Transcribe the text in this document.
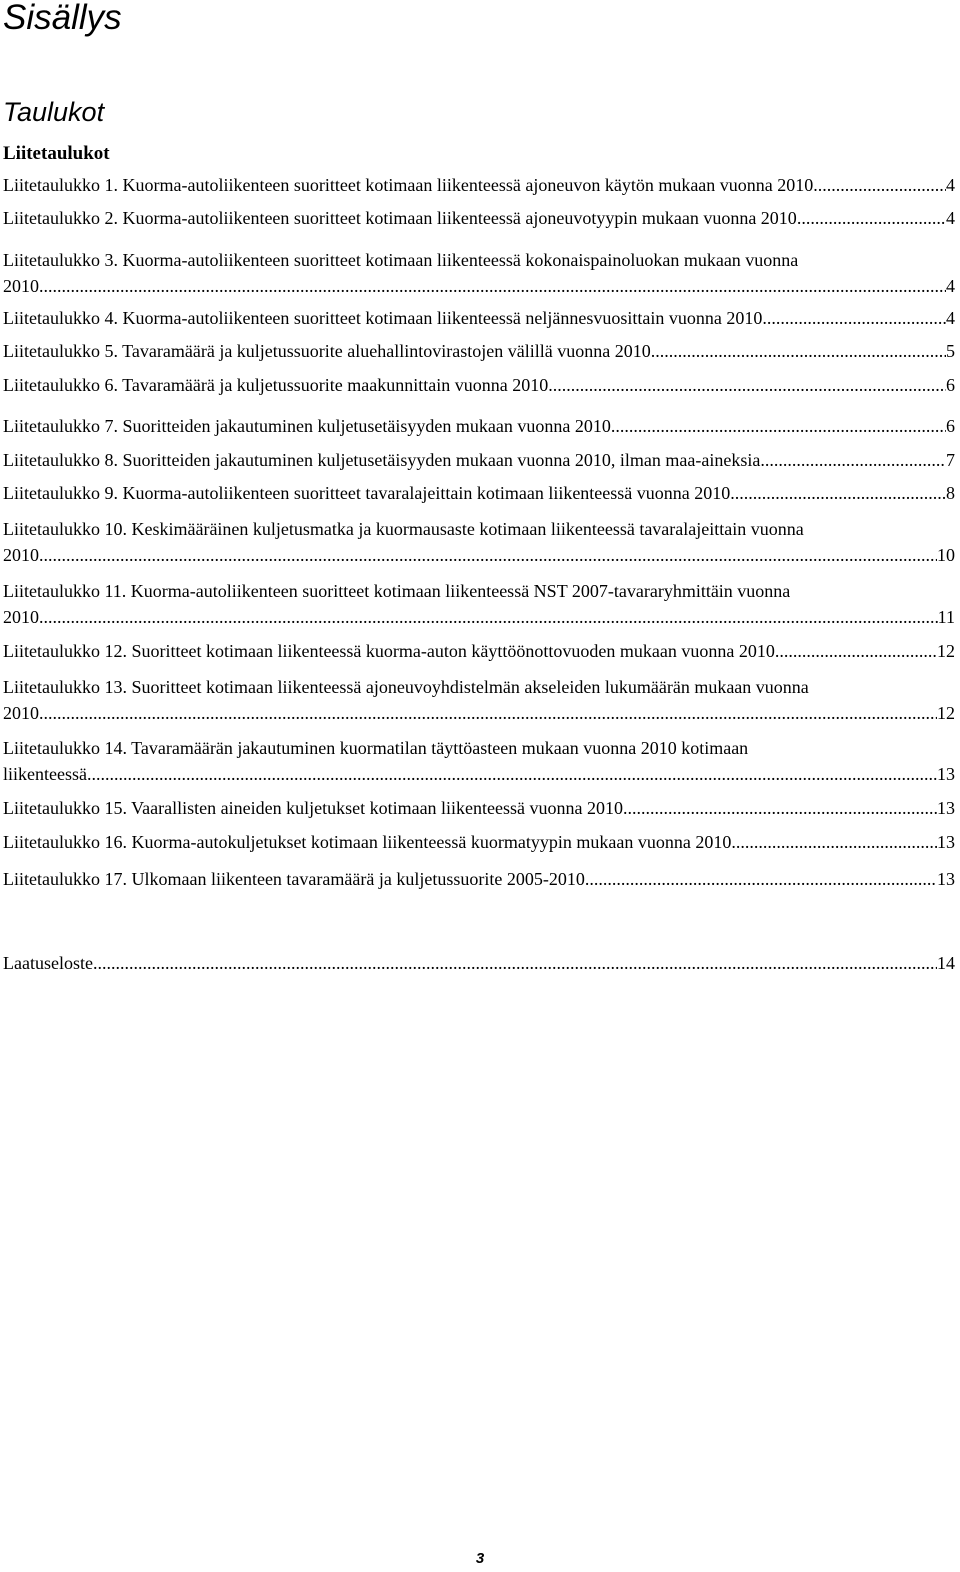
Sisällys
Taulukot
Liitetaulukot
Liitetaulukko 1. Kuorma-autoliikenteen suoritteet kotimaan liikenteessä ajoneuvon käytön mukaan vuonna 2010 .....	4
Liitetaulukko 2. Kuorma-autoliikenteen suoritteet kotimaan liikenteessä ajoneuvotyypin mukaan vuonna 2010 .....	4
Liitetaulukko 3. Kuorma-autoliikenteen suoritteet kotimaan liikenteessä kokonaispainoluokan mukaan vuonna
2010 .....	4
Liitetaulukko 4. Kuorma-autoliikenteen suoritteet kotimaan liikenteessä neljännesvuosittain vuonna 2010 .....	4
Liitetaulukko 5. Tavaramäärä ja kuljetussuorite aluehallintovirastojen välillä vuonna 2010 .....	5
Liitetaulukko 6. Tavaramäärä ja kuljetussuorite maakunnittain vuonna 2010 .....	6
Liitetaulukko 7. Suoritteiden jakautuminen kuljetusetäisyyden mukaan vuonna 2010 .....	6
Liitetaulukko 8. Suoritteiden jakautuminen kuljetusetäisyyden mukaan vuonna 2010, ilman maa-aineksia .....	7
Liitetaulukko 9. Kuorma-autoliikenteen suoritteet tavaralajeittain kotimaan liikenteessä vuonna 2010 .....	8
Liitetaulukko 10. Keskimääräinen kuljetusmatka ja kuormausaste kotimaan liikenteessä tavaralajeittain vuonna
2010 .....	10
Liitetaulukko 11. Kuorma-autoliikenteen suoritteet kotimaan liikenteessä NST 2007-tavararyhmittäin vuonna
2010 .....	11
Liitetaulukko 12. Suoritteet kotimaan liikenteessä kuorma-auton käyttöönottovuoden mukaan vuonna 2010 .....	12
Liitetaulukko 13. Suoritteet kotimaan liikenteessä ajoneuvoyhdistelmän akseleiden lukumäärän mukaan vuonna
2010 .....	12
Liitetaulukko 14. Tavaramäärän jakautuminen kuormatilan täyttöasteen mukaan vuonna 2010 kotimaan
liikenteessä .....	13
Liitetaulukko 15. Vaarallisten aineiden kuljetukset kotimaan liikenteessä vuonna 2010 .....	13
Liitetaulukko 16. Kuorma-autokuljetukset kotimaan liikenteessä kuormatyypin mukaan vuonna 2010 .....	13
Liitetaulukko 17. Ulkomaan liikenteen tavaramäärä ja kuljetussuorite 2005-2010 .....	13
Laatuseloste .....	14
3
